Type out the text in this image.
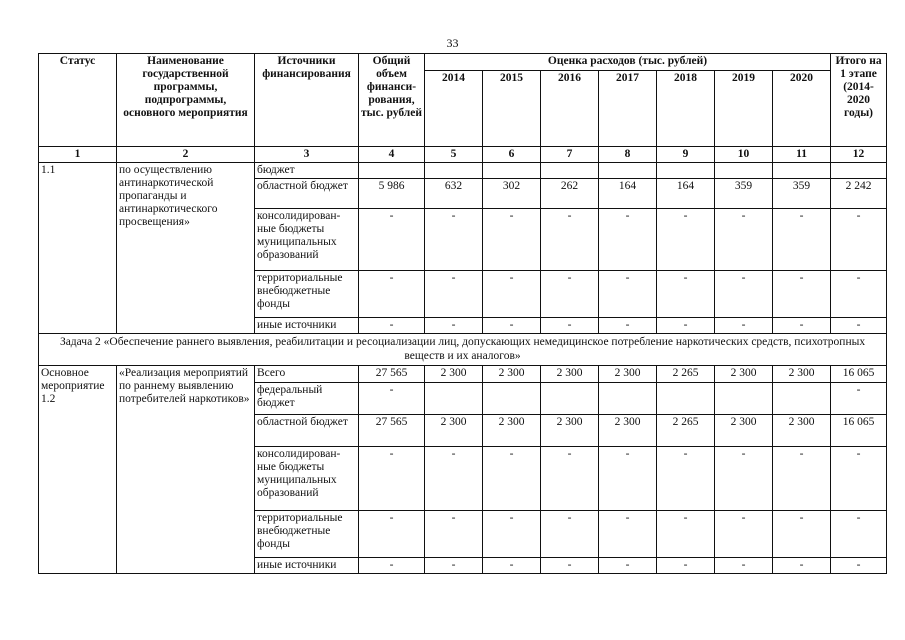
33
Статус	Наименование государственной программы, подпрограммы, основного мероприятия	Источники финансирования	Общий объем финанси-рования, тыс. рублей	Оценка расходов (тыс. рублей)							Итого на 1 этапе (2014-2020 годы)
				2014	2015	2016	2017	2018	2019	2020	
1	2	3	4	5	6	7	8	9	10	11	12
1.1	по осуществлению антинаркотической пропаганды и антинаркотического просвещения»	бюджет									
		областной бюджет	5 986	632	302	262	164	164	359	359	2 242
		консолидирован-ные бюджеты муниципальных образований	-	-	-	-	-	-	-	-	-
		территориальные внебюджетные фонды	-	-	-	-	-	-	-	-	-
		иные источники	-	-	-	-	-	-	-	-	-
Задача 2 «Обеспечение раннего выявления, реабилитации и ресоциализации лиц, допускающих немедицинское потребление наркотических средств, психотропных веществ и их аналогов»											
Основное мероприятие 1.2	«Реализация мероприятий по раннему выявлению потребителей наркотиков»	Всего	27 565	2 300	2 300	2 300	2 300	2 265	2 300	2 300	16 065
		федеральный бюджет	-								-
		областной бюджет	27 565	2 300	2 300	2 300	2 300	2 265	2 300	2 300	16 065
		консолидирован-ные бюджеты муниципальных образований	-	-	-	-	-	-	-	-	-
		территориальные внебюджетные фонды	-	-	-	-	-	-	-	-	-
		иные источники	-	-	-	-	-	-	-	-	-
